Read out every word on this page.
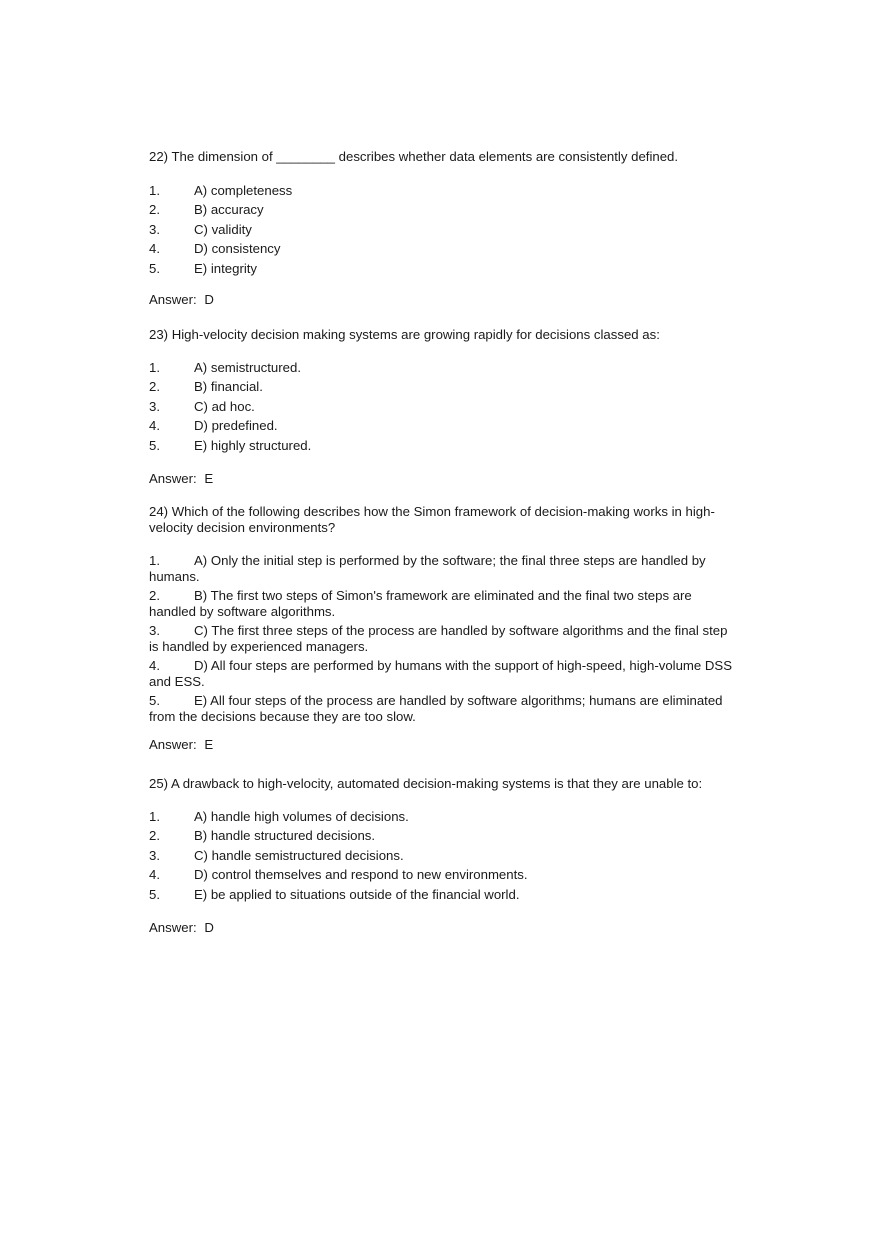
22) The dimension of ________ describes whether data elements are consistently defined.

1.	A) completeness
2.	B) accuracy
3.	C) validity
4.	D) consistency
5.	E) integrity

Answer: D

23) High-velocity decision making systems are growing rapidly for decisions classed as:

1.	A) semistructured.
2.	B) financial.
3.	C) ad hoc.
4.	D) predefined.
5.	E) highly structured.

Answer: E

24) Which of the following describes how the Simon framework of decision-making works in high-velocity decision environments?

1.	A) Only the initial step is performed by the software; the final three steps are handled by humans.
2.	B) The first two steps of Simon's framework are eliminated and the final two steps are handled by software algorithms.
3.	C) The first three steps of the process are handled by software algorithms and the final step is handled by experienced managers.
4.	D) All four steps are performed by humans with the support of high-speed, high-volume DSS and ESS.
5.	E) All four steps of the process are handled by software algorithms; humans are eliminated from the decisions because they are too slow.

Answer: E

25) A drawback to high-velocity, automated decision-making systems is that they are unable to:

1.	A) handle high volumes of decisions.
2.	B) handle structured decisions.
3.	C) handle semistructured decisions.
4.	D) control themselves and respond to new environments.
5.	E) be applied to situations outside of the financial world.

Answer: D
